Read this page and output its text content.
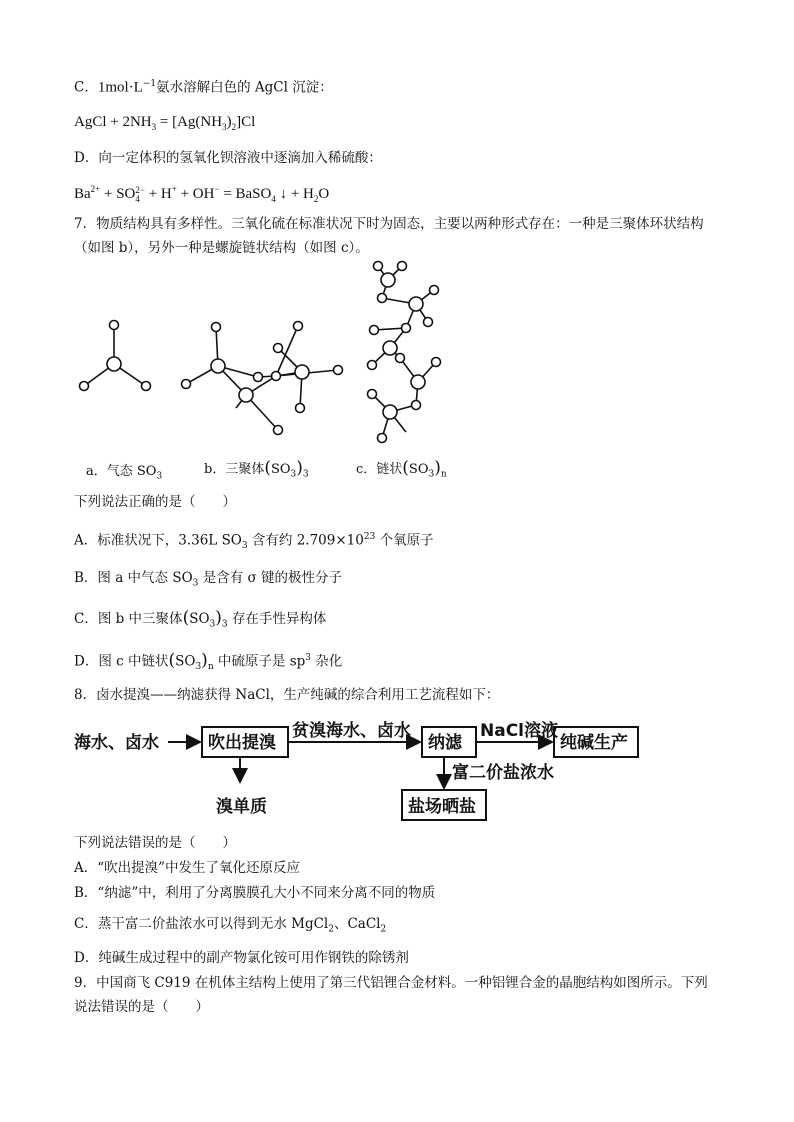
C．$1mol\cdot L^{-1}$氨水溶解白色的 AgCl 沉淀：
AgCl + $2NH_3 = [Ag(NH_3)_2]Cl$
D．向一定体积的氢氧化钡溶液中逐滴加入稀硫酸：
$Ba^{2+}$ + SO 2−
4 + H+ + OH− = BaSO$_4$ ↓ + $H_2O$
7．物质结构具有多样性。三氧化硫在标准状况下时为固态，主要以两种形式存在：一种是三聚体环状结构
（如图 b），另外一种是螺旋链状结构（如图 c）。
a．气态 $SO_3$	b．三聚体$(SO_3)_3$	c．链状$(SO_3)_n$
下列说法正确的是（　　）
A．标准状况下，3.36L $SO_3$ 含有约 $2.709\times 10^{23}$ 个氧原子
B．图 a 中气态 $SO_3$ 是含有 σ 键的极性分子
C．图 b 中三聚体$(SO_3)_3$ 存在手性异构体
D．图 c 中链状$(SO_3)_n$ 中硫原子是 $sp^3$ 杂化
8．卤水提溴——纳滤获得 NaCl，生产纯碱的综合利用工艺流程如下：
海水、卤水	吹出提溴
贫溴海水、卤水
纳滤
NaCl溶液
纯碱生产
溴单质
富二价盐浓水
盐场晒盐
下列说法错误的是（　　）
A．“吹出提溴”中发生了氧化还原反应
B．“纳滤”中，利用了分离膜膜孔大小不同来分离不同的物质
C．蒸干富二价盐浓水可以得到无水 MgCl$_2$、CaCl$_2$
D．纯碱生成过程中的副产物氯化铵可用作钢铁的除锈剂
9．中国商飞 C919 在机体主结构上使用了第三代铝锂合金材料。一种铝锂合金的晶胞结构如图所示。下列
说法错误的是（　　）
